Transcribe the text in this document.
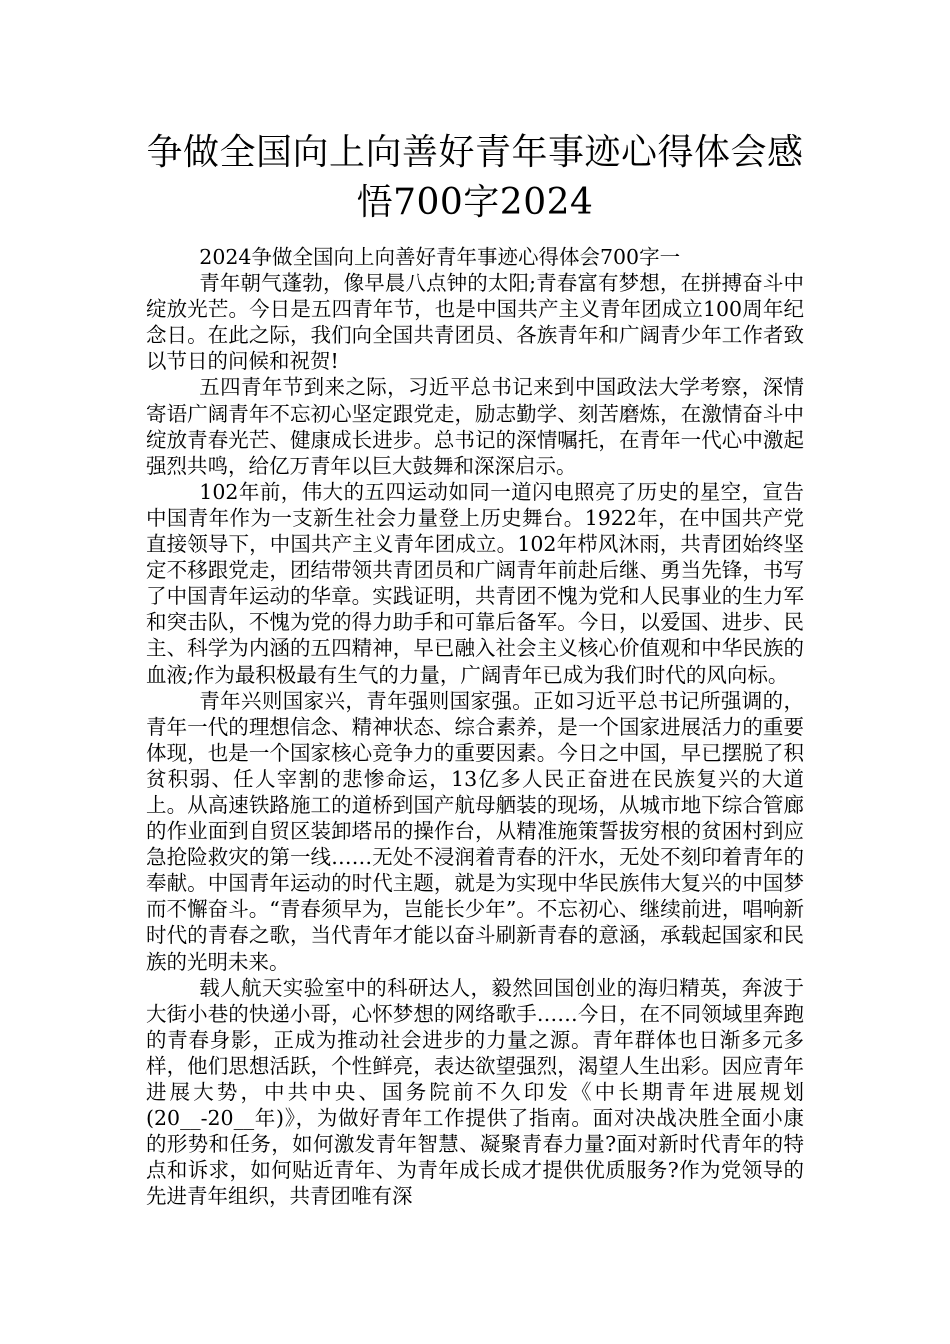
争做全国向上向善好青年事迹心得体会感
悟700字2024

2024争做全国向上向善好青年事迹心得体会700字一

青年朝气蓬勃，像早晨八点钟的太阳;青春富有梦想，在拼搏奋斗中绽放光芒。今日是五四青年节，也是中国共产主义青年团成立100周年纪念日。在此之际，我们向全国共青团员、各族青年和广阔青少年工作者致以节日的问候和祝贺!

五四青年节到来之际，习近平总书记来到中国政法大学考察，深情寄语广阔青年不忘初心坚定跟党走，励志勤学、刻苦磨炼，在激情奋斗中绽放青春光芒、健康成长进步。总书记的深情嘱托，在青年一代心中激起强烈共鸣，给亿万青年以巨大鼓舞和深深启示。

102年前，伟大的五四运动如同一道闪电照亮了历史的星空，宣告中国青年作为一支新生社会力量登上历史舞台。1922年，在中国共产党直接领导下，中国共产主义青年团成立。102年栉风沐雨，共青团始终坚定不移跟党走，团结带领共青团员和广阔青年前赴后继、勇当先锋，书写了中国青年运动的华章。实践证明，共青团不愧为党和人民事业的生力军和突击队，不愧为党的得力助手和可靠后备军。今日，以爱国、进步、民主、科学为内涵的五四精神，早已融入社会主义核心价值观和中华民族的血液;作为最积极最有生气的力量，广阔青年已成为我们时代的风向标。

青年兴则国家兴，青年强则国家强。正如习近平总书记所强调的，青年一代的理想信念、精神状态、综合素养，是一个国家进展活力的重要体现，也是一个国家核心竞争力的重要因素。今日之中国，早已摆脱了积贫积弱、任人宰割的悲惨命运，13亿多人民正奋进在民族复兴的大道上。从高速铁路施工的道桥到国产航母舾装的现场，从城市地下综合管廊的作业面到自贸区装卸塔吊的操作台，从精准施策誓拔穷根的贫困村到应急抢险救灾的第一线……无处不浸润着青春的汗水，无处不刻印着青年的奉献。中国青年运动的时代主题，就是为实现中华民族伟大复兴的中国梦而不懈奋斗。“青春须早为，岂能长少年”。不忘初心、继续前进，唱响新时代的青春之歌，当代青年才能以奋斗刷新青春的意涵，承载起国家和民族的光明未来。

载人航天实验室中的科研达人，毅然回国创业的海归精英，奔波于大街小巷的快递小哥，心怀梦想的网络歌手……今日，在不同领域里奔跑的青春身影，正成为推动社会进步的力量之源。青年群体也日渐多元多样，他们思想活跃，个性鲜亮，表达欲望强烈，渴望人生出彩。因应青年进展大势，中共中央、国务院前不久印发《中长期青年进展规划(20__-20__年)》，为做好青年工作提供了指南。面对决战决胜全面小康的形势和任务，如何激发青年智慧、凝聚青春力量?面对新时代青年的特点和诉求，如何贴近青年、为青年成长成才提供优质服务?作为党领导的先进青年组织，共青团唯有深
